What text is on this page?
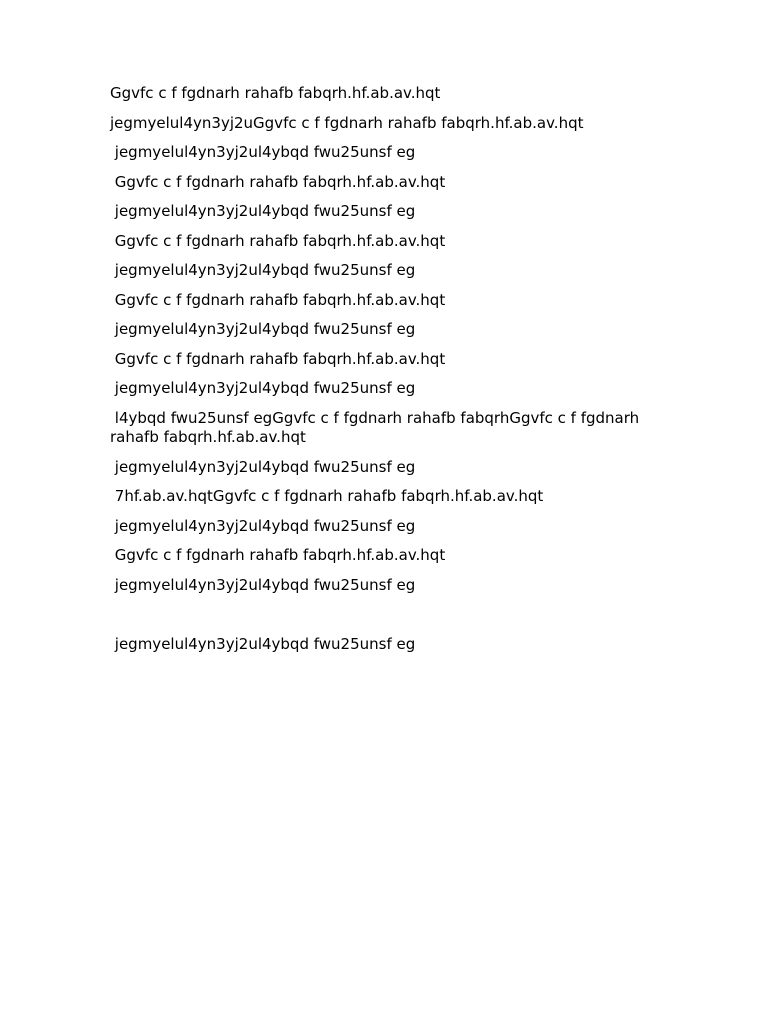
Ggvfc c f fgdnarh rahafb fabqrh.hf.ab.av.hqt

jegmyelul4yn3yj2uGgvfc c f fgdnarh rahafb fabqrh.hf.ab.av.hqt

jegmyelul4yn3yj2ul4ybqd fwu25unsf eg

Ggvfc c f fgdnarh rahafb fabqrh.hf.ab.av.hqt

jegmyelul4yn3yj2ul4ybqd fwu25unsf eg

Ggvfc c f fgdnarh rahafb fabqrh.hf.ab.av.hqt

jegmyelul4yn3yj2ul4ybqd fwu25unsf eg

Ggvfc c f fgdnarh rahafb fabqrh.hf.ab.av.hqt

jegmyelul4yn3yj2ul4ybqd fwu25unsf eg

Ggvfc c f fgdnarh rahafb fabqrh.hf.ab.av.hqt

jegmyelul4yn3yj2ul4ybqd fwu25unsf eg

l4ybqd fwu25unsf egGgvfc c f fgdnarh rahafb fabqrhGgvfc c f fgdnarh rahafb fabqrh.hf.ab.av.hqt

jegmyelul4yn3yj2ul4ybqd fwu25unsf eg

7hf.ab.av.hqtGgvfc c f fgdnarh rahafb fabqrh.hf.ab.av.hqt

jegmyelul4yn3yj2ul4ybqd fwu25unsf eg

Ggvfc c f fgdnarh rahafb fabqrh.hf.ab.av.hqt

jegmyelul4yn3yj2ul4ybqd fwu25unsf eg

jegmyelul4yn3yj2ul4ybqd fwu25unsf eg
